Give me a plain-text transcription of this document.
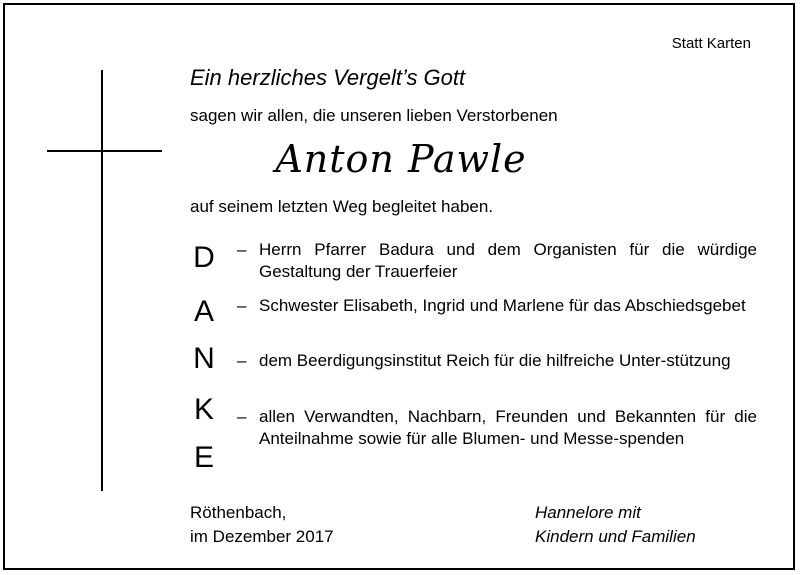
Statt Karten
Ein herzliches Vergelt’s Gott
sagen wir allen, die unseren lieben Verstorbenen
Anton Pawle
auf seinem letzten Weg begleitet haben.
D
A
N
K
E
– Herrn Pfarrer Badura und dem Organisten für die würdige Gestaltung der Trauerfeier
– Schwester Elisabeth, Ingrid und Marlene für das Abschiedsgebet
– dem Beerdigungsinstitut Reich für die hilfreiche Unter-stützung
– allen Verwandten, Nachbarn, Freunden und Bekannten für die Anteilnahme sowie für alle Blumen- und Messe-spenden
Röthenbach,
im Dezember 2017
Hannelore mit
Kindern und Familien
